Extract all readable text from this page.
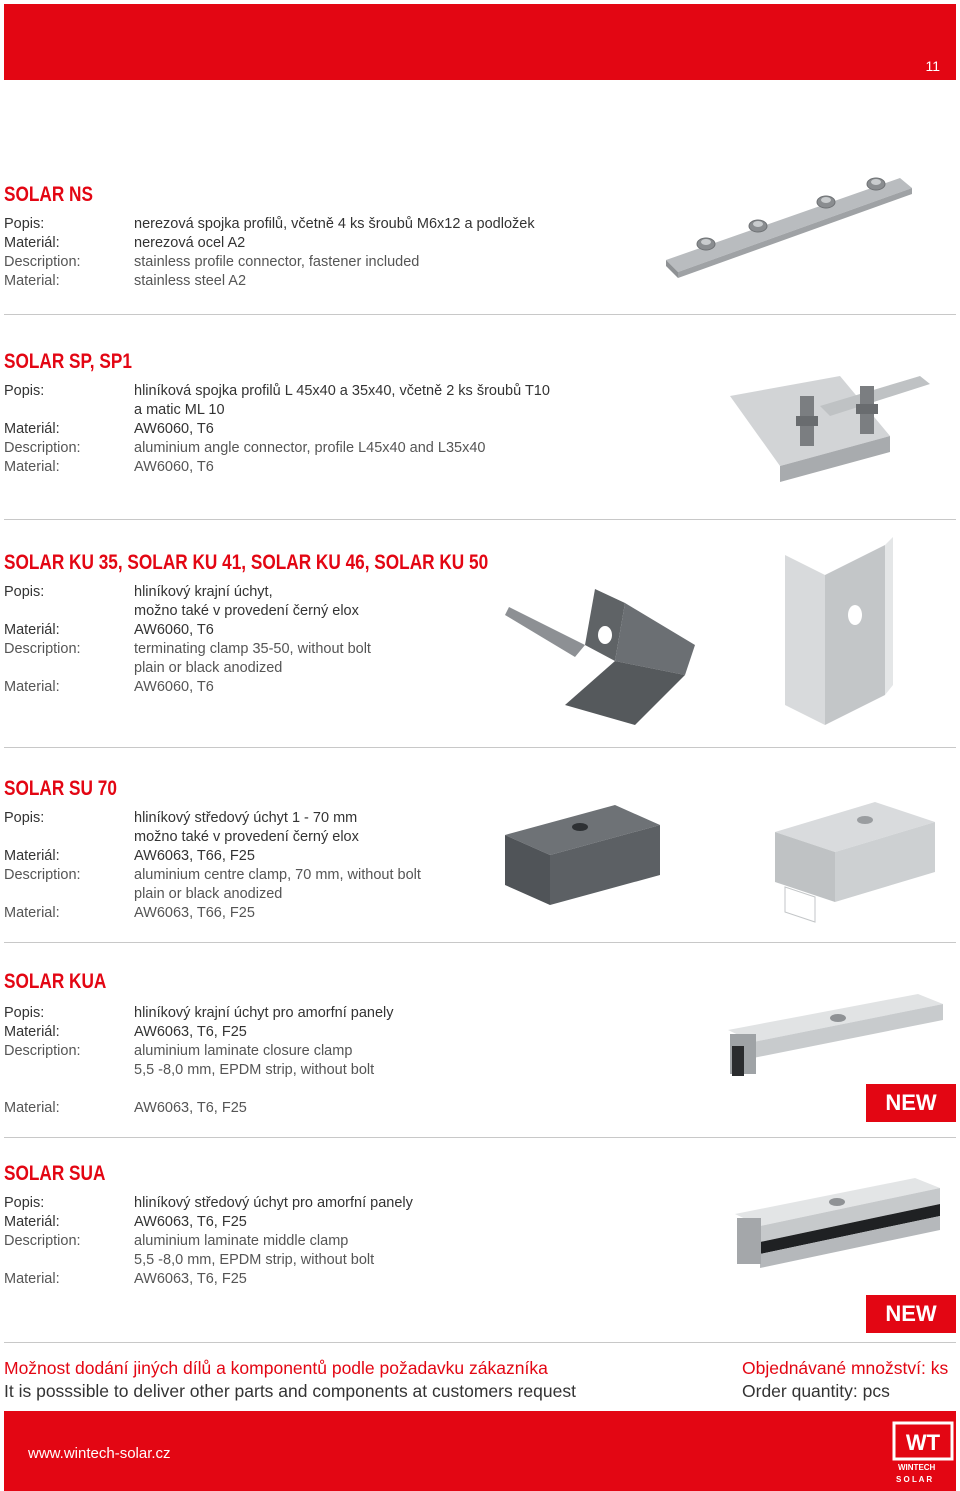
11
SOLAR NS
Popis:	nerezová spojka profilů, včetně 4 ks šroubů M6x12 a podložek
Materiál:	nerezová ocel A2
Description:	stainless profile connector, fastener included
Material:	stainless steel A2
SOLAR SP, SP1
Popis:	hliníková spojka profilů L 45x40 a 35x40, včetně 2 ks šroubů T10
a matic ML 10
Materiál:	AW6060, T6
Description:	aluminium angle connector, profile L45x40 and L35x40
Material:	AW6060, T6
SOLAR KU 35, SOLAR KU 41, SOLAR KU 46, SOLAR KU 50
Popis:	hliníkový krajní úchyt,
možno také v provedení černý elox
Materiál:	AW6060, T6
Description:	terminating clamp 35-50, without bolt
plain or black anodized
Material:	AW6060, T6
SOLAR SU 70
Popis:	hliníkový středový úchyt 1 - 70 mm
možno také v provedení černý elox
Materiál:	AW6063, T66, F25
Description:	aluminium centre clamp, 70 mm, without bolt
plain or black anodized
Material:	AW6063, T66, F25
SOLAR KUA
Popis:	hliníkový krajní úchyt pro amorfní panely
Materiál:	AW6063, T6, F25
Description:	aluminium laminate closure clamp
5,5 -8,0 mm, EPDM strip, without bolt
Material:	AW6063, T6, F25	NEW
SOLAR SUA
Popis:	hliníkový středový úchyt pro amorfní panely
Materiál:	AW6063, T6, F25
Description:	aluminium laminate middle clamp
5,5 -8,0 mm, EPDM strip, without bolt
Material:	AW6063, T6, F25
NEW
Možnost dodání jiných dílů a komponentů podle požadavku zákazníka
It is posssible to deliver other parts and components at customers request
Objednávané množství: ks
Order quantity: pcs
www.wintech-solar.cz	WT
WINTECH
S O L A R
